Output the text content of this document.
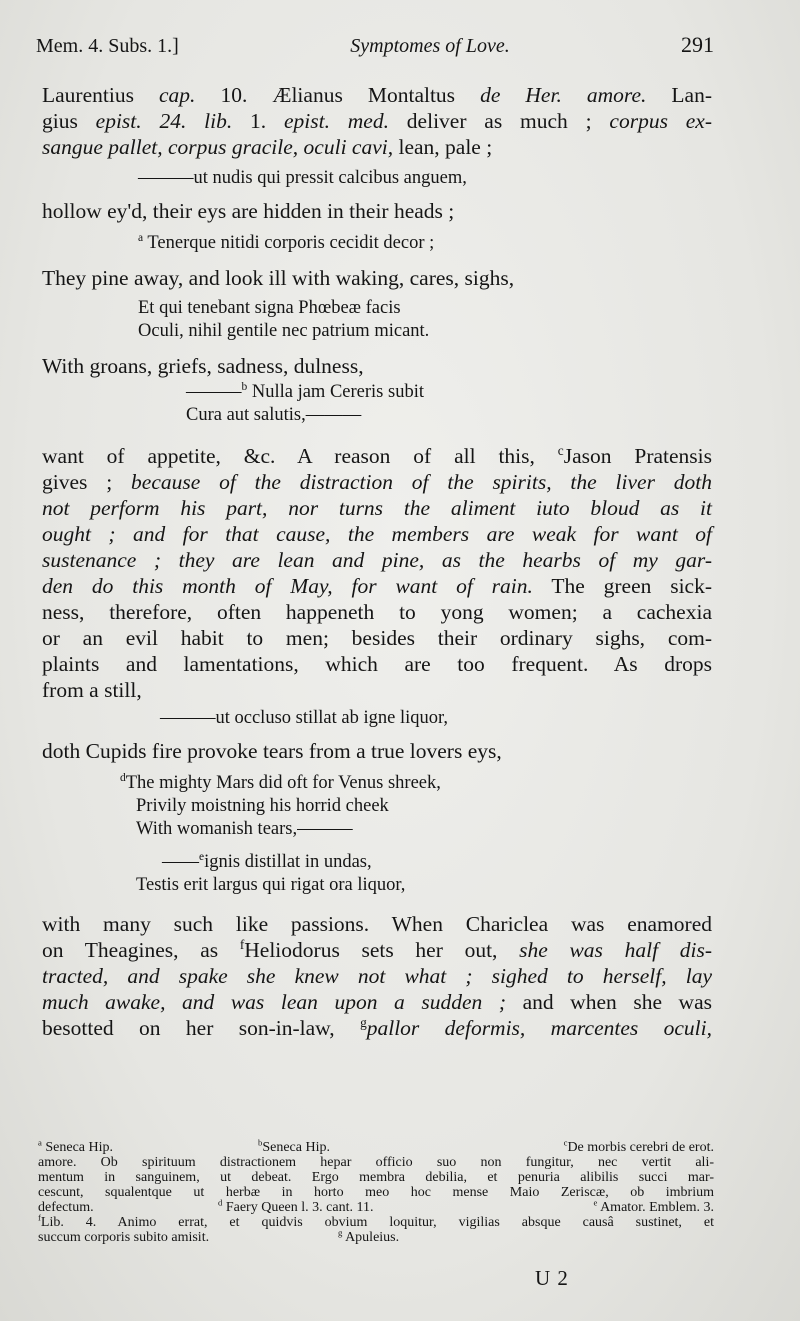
Mem. 4. Subs. 1.]	Symptomes of Love.	291

Laurentius cap. 10. Ælianus Montaltus de Her. amore. Lan-
gius epist. 24. lib. 1. epist. med. deliver as much ; corpus ex-
sangue pallet, corpus gracile, oculi cavi, lean, pale ;

———ut nudis qui pressit calcibus anguem,

hollow ey'd, their eys are hidden in their heads ;

$^a$ Tenerque nitidi corporis cecidit decor ;

They pine away, and look ill with waking, cares, sighs,

Et qui tenebant signa Phœbeæ facis
Oculi, nihil gentile nec patrium micant.

With groans, griefs, sadness, dulness,

———$^b$ Nulla jam Cereris subit
Cura aut salutis,———

want of appetite, &c. A reason of all this, $^c$Jason Pratensis
gives ; because of the distraction of the spirits, the liver doth
not perform his part, nor turns the aliment iuto bloud as it
ought ; and for that cause, the members are weak for want of
sustenance ; they are lean and pine, as the hearbs of my gar-
den do this month of May, for want of rain. The green sick-
ness, therefore, often happeneth to yong women; a cachexia
or an evil habit to men; besides their ordinary sighs, com-
plaints and lamentations, which are too frequent. As drops
from a still,

———ut occluso stillat ab igne liquor,

doth Cupids fire provoke tears from a true lovers eys,

$^d$The mighty Mars did oft for Venus shreek,
Privily moistning his horrid cheek
With womanish tears,———
——$^e$ignis distillat in undas,
Testis erit largus qui rigat ora liquor,

with many such like passions. When Chariclea was enamored
on Theagines, as $^f$Heliodorus sets her out, she was half dis-
tracted, and spake she knew not what ; sighed to herself, lay
much awake, and was lean upon a sudden ; and when she was
besotted on her son-in-law, $^g$pallor deformis, marcentes oculi,

$^a$ Seneca Hip.	$^b$Seneca Hip.	$^c$De morbis cerebri de erot.
amore. Ob spirituum distractionem hepar officio suo non fungitur, nec vertit ali-
mentum in sanguinem, ut debeat. Ergo membra debilia, et penuria alibilis succi mar-
cescunt, squalentque ut herbæ in horto meo hoc mense Maio Zeriscæ, ob imbrium
defectum.	$^d$ Faery Queen l. 3. cant. 11.	$^e$ Amator. Emblem. 3.
$^f$Lib. 4. Animo errat, et quidvis obvium loquitur, vigilias absque causâ sustinet, et
succum corporis subito amisit.	$^g$ Apuleius.
U 2
